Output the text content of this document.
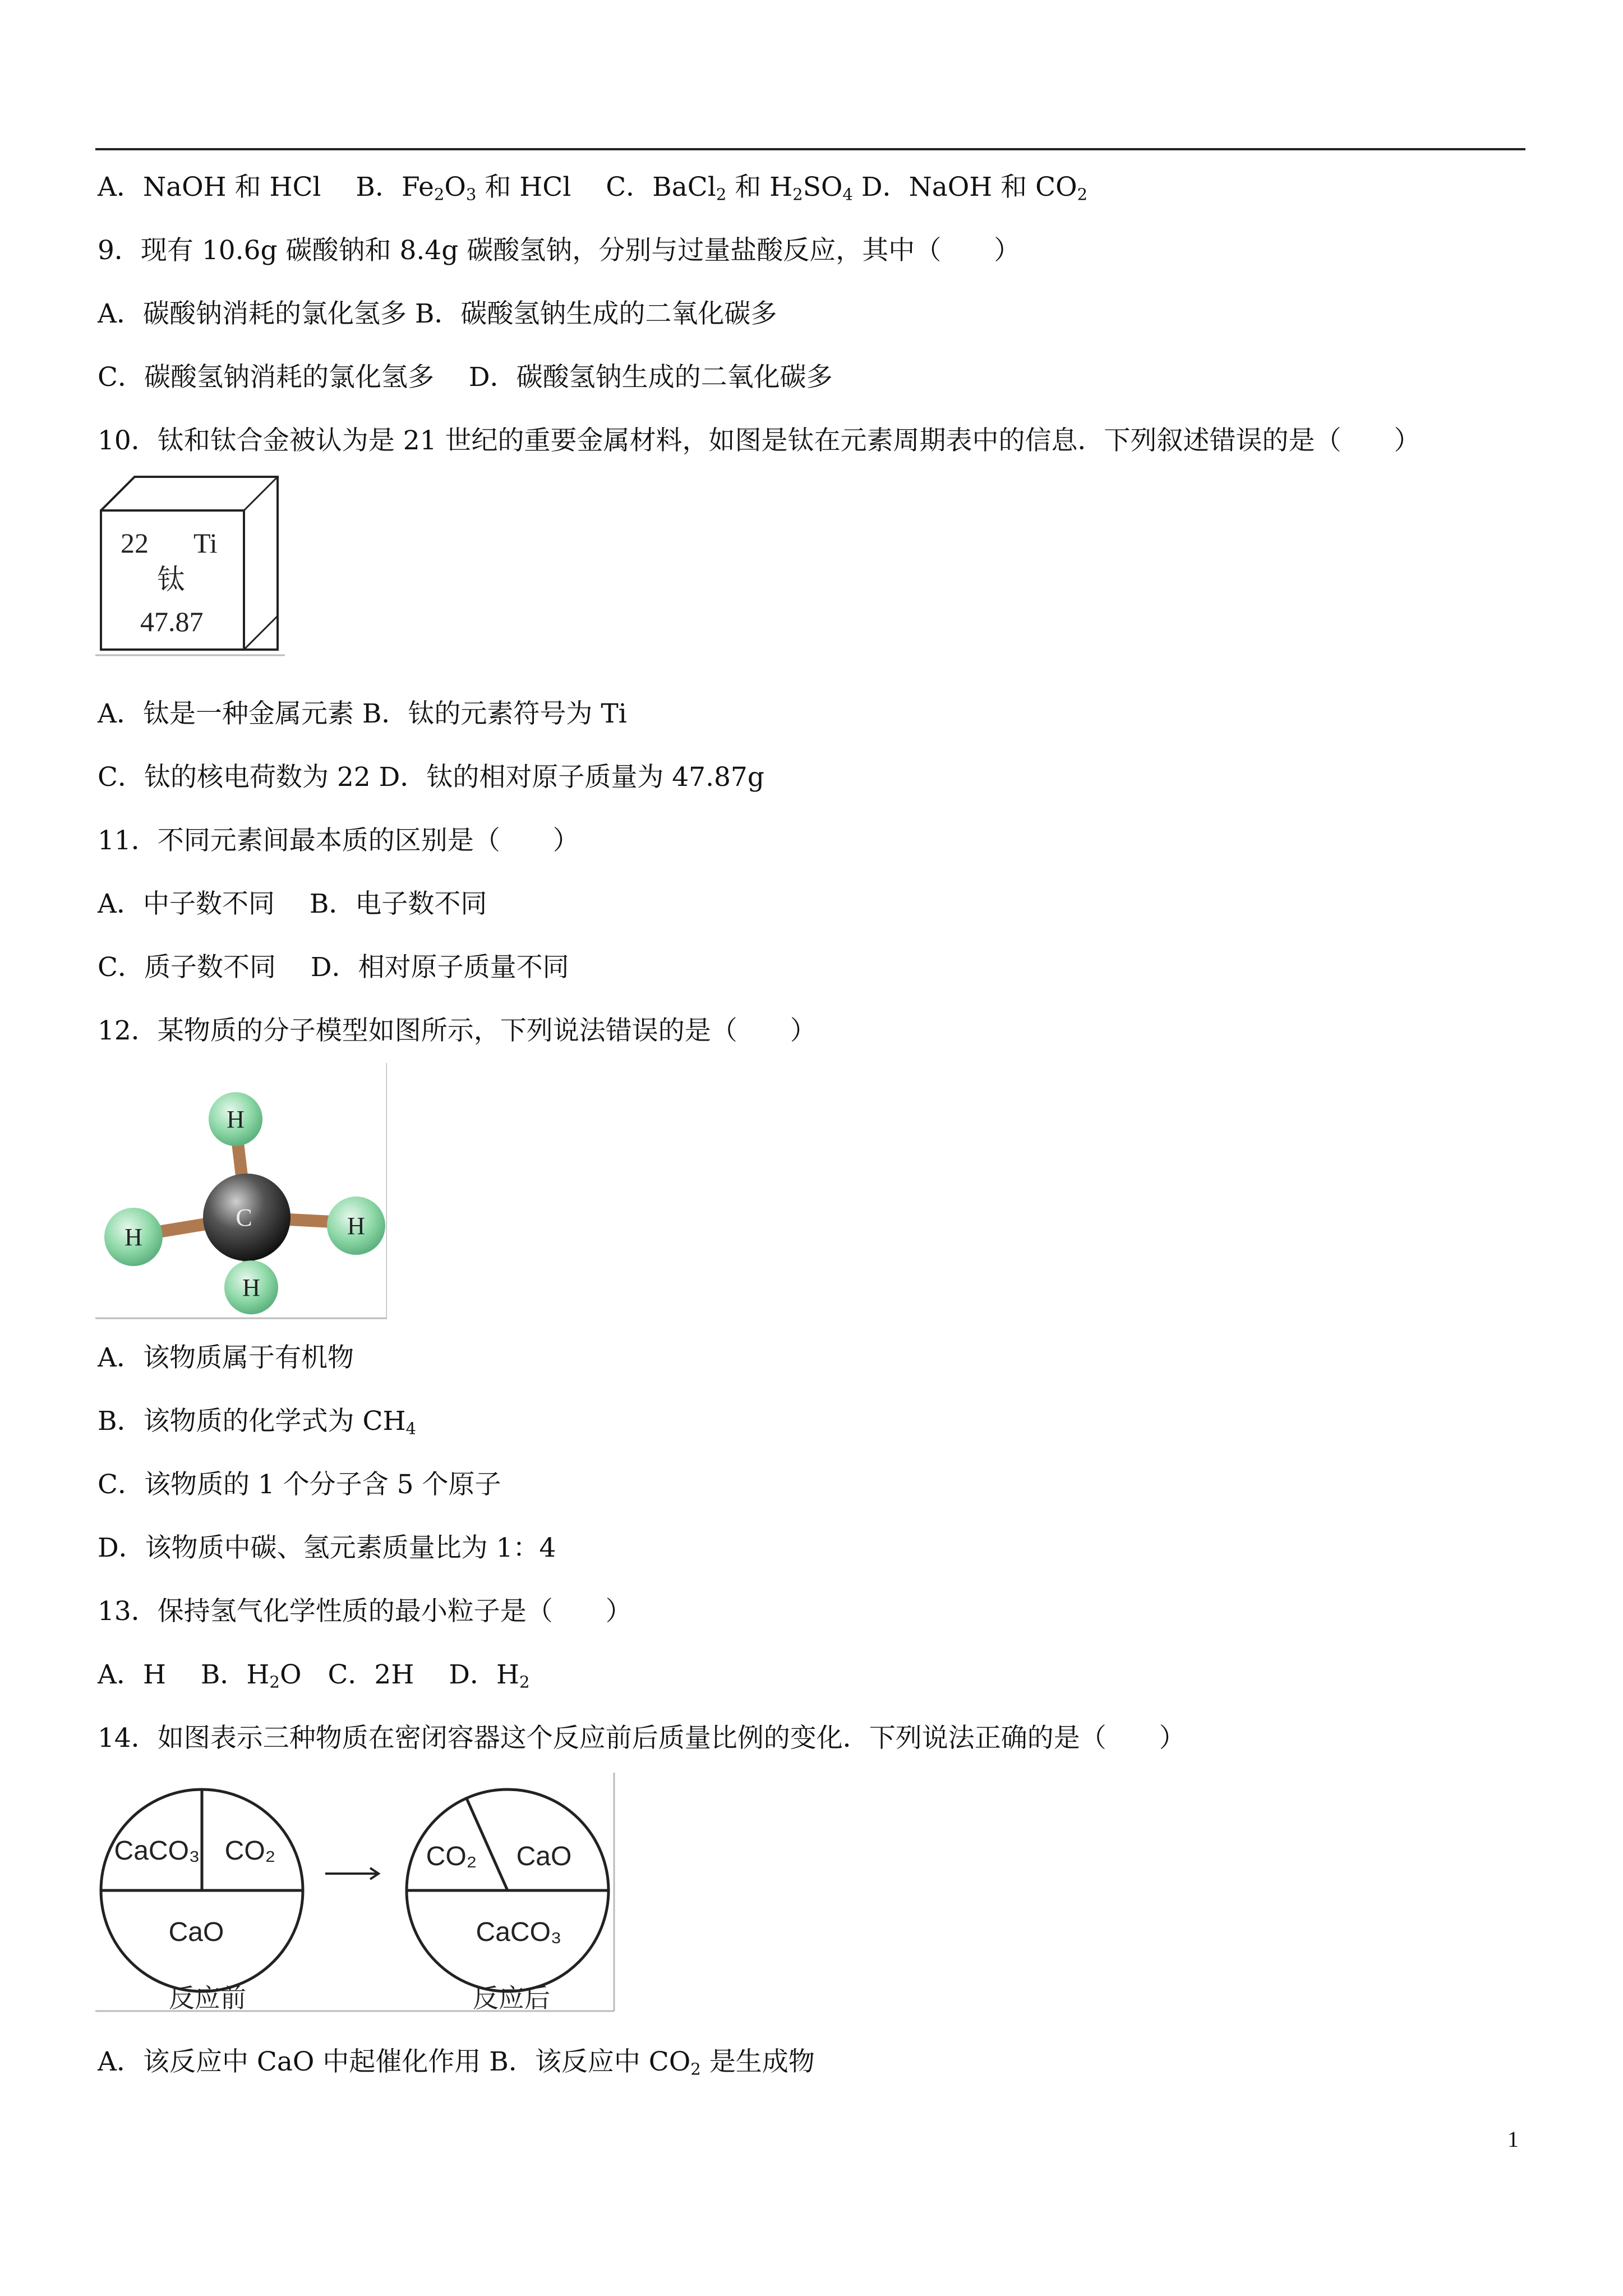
A．NaOH 和 HCl　 B．$Fe_2O_3$ 和 HCl　 C．BaCl$_2$ 和 $H_2SO_4$ D．NaOH 和 $CO_2$
9．现有 10.6g 碳酸钠和 8.4g 碳酸氢钠，分别与过量盐酸反应，其中（　　）
A．碳酸钠消耗的氯化氢多 B．碳酸氢钠生成的二氧化碳多
C．碳酸氢钠消耗的氯化氢多　 D．碳酸氢钠生成的二氧化碳多
10．钛和钛合金被认为是 21 世纪的重要金属材料，如图是钛在元素周期表中的信息．下列叙述错误的是（　　）
22 Ti
钛
47.87
A．钛是一种金属元素 B．钛的元素符号为 Ti
C．钛的核电荷数为 22 D．钛的相对原子质量为 47.87g
11．不同元素间最本质的区别是（　　）
A．中子数不同　 B．电子数不同
C．质子数不同　 D．相对原子质量不同
12．某物质的分子模型如图所示，下列说法错误的是（　　）
H
H	H
C
H
A．该物质属于有机物
B．该物质的化学式为 $CH_4$
C．该物质的 1 个分子含 5 个原子
D．该物质中碳、氢元素质量比为 1：4
13．保持氢气化学性质的最小粒子是（　　）
A．H　 B．$H_2O$　C．2H　 D．$H_2$
14．如图表示三种物质在密闭容器这个反应前后质量比例的变化．下列说法正确的是（　　）
CaCO₃ CO₂
CaO
反应前
CO₂ CaO
CaCO₃
反应后
A．该反应中 CaO 中起催化作用 B．该反应中 $CO_2$ 是生成物
1
